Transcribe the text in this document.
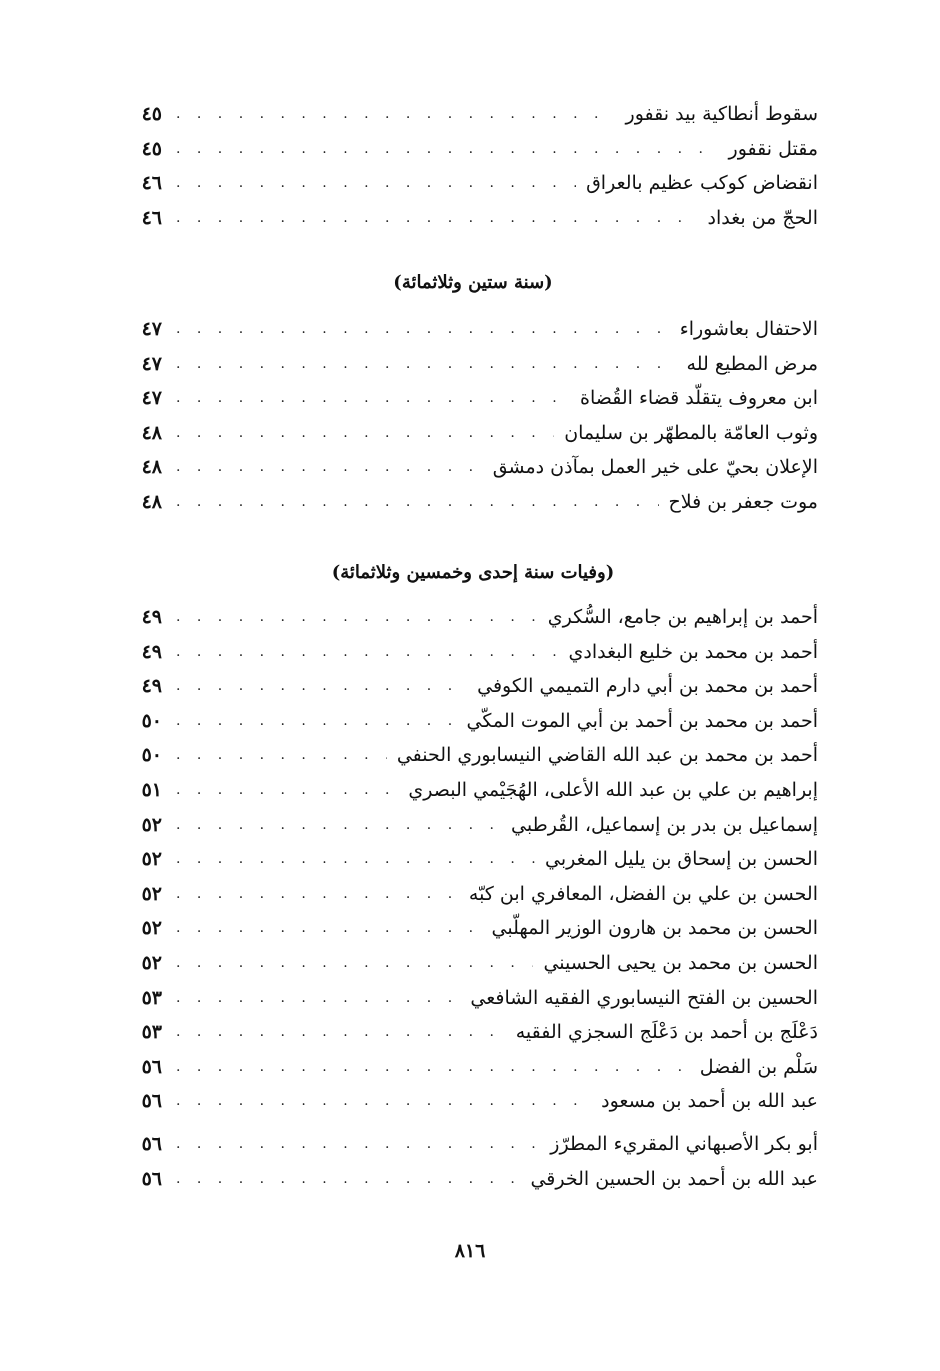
٤٥ . . .	سقوط أنطاكية بيد نقفور
٤٥ . . .	مقتل نقفور
٤٦ . . .	انقضاض كوكب عظيم بالعراق
٤٦ . . .	الحجّ من بغداد
(سنة ستين وثلاثمائة)
٤٧ . . .	الاحتفال بعاشوراء
٤٧ . . .	مرض المطيع لله
٤٧ . . .	ابن معروف يتقلّد قضاء القُضاة
٤٨ . . .	وثوب العامّة بالمطهّر بن سليمان
٤٨ . . .	الإعلان بحيّ على خير العمل بمآذن دمشق
٤٨ . . .	موت جعفر بن فلاح
(وفيات سنة إحدى وخمسين وثلاثمائة)
٤٩ . . .	أحمد بن إبراهيم بن جامع، السُّكري
٤٩ . . .	أحمد بن محمد بن خليع البغدادي
٤٩ . . .	أحمد بن محمد بن أبي دارم التميمي الكوفي
٥٠ . . .	أحمد بن محمد بن أحمد بن أبي الموت المكّي
٥٠ . . .	أحمد بن محمد بن عبد الله القاضي النيسابوري الحنفي
٥١ . . .	إبراهيم بن علي بن عبد الله الأعلى، الهُجَيْمي البصري
٥٢ . . .	إسماعيل بن بدر بن إسماعيل، القُرطبي
٥٢ . . .	الحسن بن إسحاق بن يليل المغربي
٥٢ . . .	الحسن بن علي بن الفضل، المعافري ابن كبّه
٥٢ . . .	الحسن بن محمد بن هارون الوزير المهلّبي
٥٢ . . .	الحسن بن محمد بن يحيى الحسيني
٥٣ . . .	الحسين بن الفتح النيسابوري الفقيه الشافعي
٥٣ . . .	دَعْلَج بن أحمد بن دَعْلَج السجزي الفقيه
٥٦ . . .	سَلْم بن الفضل
٥٦ . . .	عبد الله بن أحمد بن مسعود
٥٦ . . .	أبو بكر الأصبهاني المقريء المطرّز
٥٦ . . .	عبد الله بن أحمد بن الحسين الخرقي
٨١٦
